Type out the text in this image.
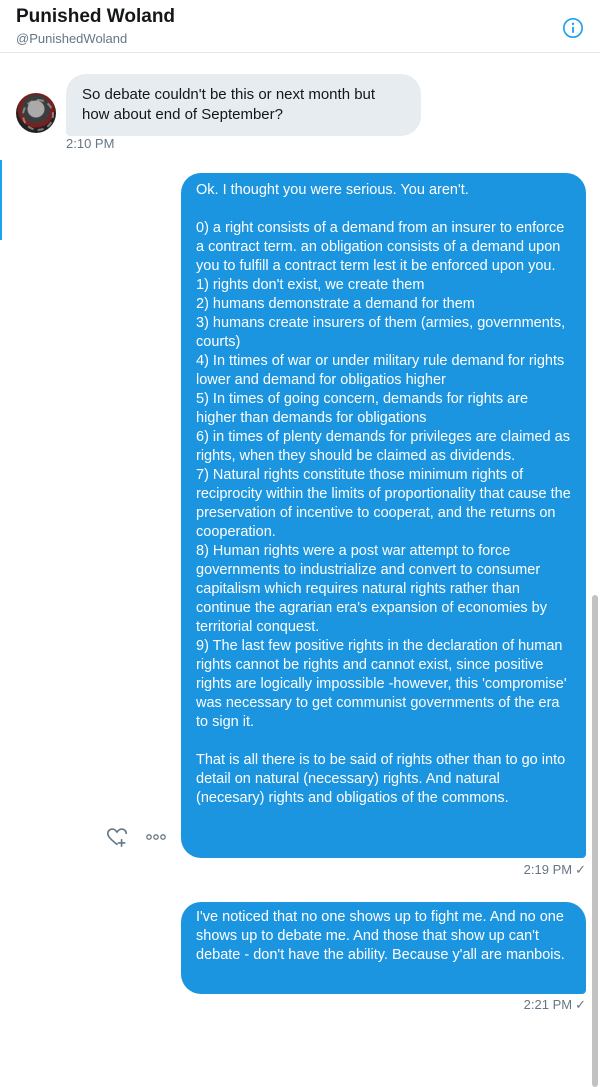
Punished Woland
@PunishedWoland
So debate couldn't be this or next month but how about end of September?
2:10 PM
Ok. I thought you were serious. You aren't.

0) a right consists of a demand from an insurer to enforce a contract term. an obligation consists of a demand upon you to fulfill a contract term lest it be enforced upon you.
1) rights don't exist, we create them
2) humans demonstrate a demand for them
3) humans create insurers of them (armies, governments, courts)
4) In ttimes of war or under military rule demand for rights lower and demand for obligatios higher
5) In times of going concern, demands for rights are higher than demands for obligations
6) in times of plenty demands for privileges are claimed as rights, when they should be claimed as dividends.
7) Natural rights constitute those minimum rights of reciprocity within the limits of proportionality that cause the preservation of incentive to cooperat, and the returns on cooperation.
8) Human rights were a post war attempt to force governments to industrialize and convert to consumer capitalism which requires natural rights rather than continue the agrarian era's expansion of economies by territorial conquest.
9) The last few positive rights in the declaration of human rights cannot be rights and cannot exist, since positive rights are logically impossible -however, this 'compromise' was necessary to get communist governments of the era to sign it.

That is all there is to be said of rights other than to go into detail on natural (necessary) rights. And natural (necesary) rights and obligatios of the commons.
2:19 PM ✓
I've noticed that no one shows up to fight me. And no one shows up to debate me. And those that show up can't debate - don't have the ability. Because y'all are manbois.
2:21 PM ✓
